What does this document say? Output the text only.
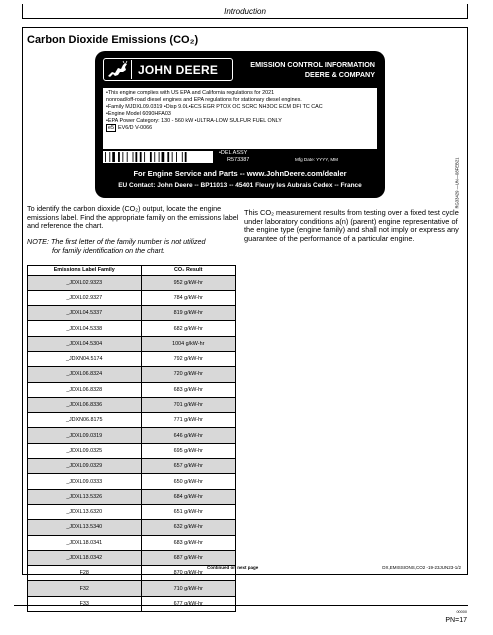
Introduction
Carbon Dioxide Emissions (CO₂)
JOHN DEERE	EMISSION CONTROL INFORMATION
DEERE & COMPANY
•This engine complies with US EPA and California regulations for 2021
nonroad/off-road diesel engines and EPA regulations for stationary diesel engines.
•Family MJDXL09.0319 •Disp 9.0L•ECS EGR PTOX OC SCRC NH3OC ECM DFI TC CAC
•Engine Model 6090HFA03
•EPA Power Category: 130 - 560 kW •ULTRA-LOW SULFUR FUEL ONLY
e5 EV6/D V-0066
•DEL ASSY
R573387	Mfg Date: YYYY, MM
For Engine Service and Parts -- www.JohnDeere.com/dealer
EU Contact: John Deere -- BP11013 -- 45401 Fleury les Aubrais Cedex -- France	RG33429 —UN—08FEB21
SAMPLE - Engine Emissions Label
To identify the carbon dioxide (CO₂) output, locate the engine emissions label. Find the appropriate family on the emissions label and reference the chart.
NOTE: The first letter of the family number is not utilized
for family identification on the chart.
This CO₂ measurement results from testing over a fixed test cycle under laboratory conditions a(n) (parent) engine representative of the engine type (engine family) and shall not imply or express any guarantee of the performance of a particular engine.
Emissions Label Family	CO₂ Result
_JDXL02.9323	952 g/kW-hr
_JDXL02.9327	784 g/kW-hr
_JDXL04.5337	819 g/kW-hr
_JDXL04.5338	682 g/kW-hr
_JDXL04.5304	1004 g/kW-hr
_JDXN04.5174	792 g/kW-hr
_JDXL06.8324	720 g/kW-hr
_JDXL06.8328	683 g/kW-hr
_JDXL06.8336	701 g/kW-hr
_JDXN06.8175	771 g/kW-hr
_JDXL09.0319	646 g/kW-hr
_JDXL09.0325	695 g/kW-hr
_JDXL09.0329	657 g/kW-hr
_JDXL09.0333	650 g/kW-hr
_JDXL13.5326	684 g/kW-hr
_JDXL13.6320	651 g/kW-hr
_JDXL13.5340	632 g/kW-hr
_JDXL18.0341	683 g/kW-hr
_JDXL18.0342	687 g/kW-hr
F28	870 g/kW-hr
F32	710 g/kW-hr
F33	677 g/kW-hr
Continued on next page	DX,EMISSIONS,CO2 -19-23JUN23-1/2
00000
PN=17
